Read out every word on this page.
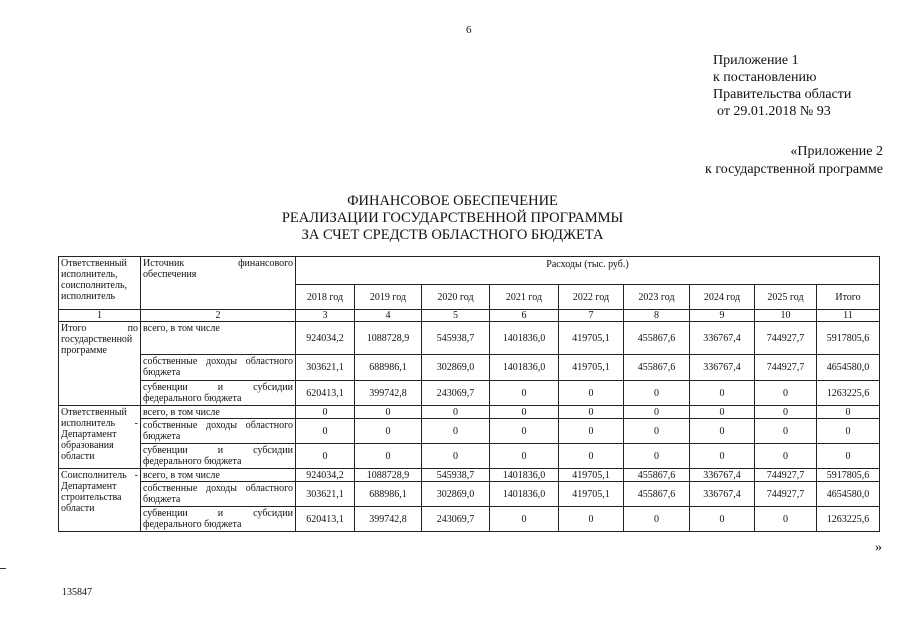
6
Приложение 1
к постановлению
Правительства области
от 29.01.2018 № 93
«Приложение 2
к государственной программе
ФИНАНСОВОЕ ОБЕСПЕЧЕНИЕ
РЕАЛИЗАЦИИ ГОСУДАРСТВЕННОЙ ПРОГРАММЫ
ЗА СЧЕТ СРЕДСТВ ОБЛАСТНОГО БЮДЖЕТА
Ответственный исполнитель, соисполнитель, исполнитель	Источник финансового обеспечения	Расходы (тыс. руб.)								
		2018 год	2019 год	2020 год	2021 год	2022 год	2023 год	2024 год	2025 год	Итого
1	2	3	4	5	6	7	8	9	10	11
Итого по государственной программе	всего, в том числе	924034,2	1088728,9	545938,7	1401836,0	419705,1	455867,6	336767,4	744927,7	5917805,6
	собственные доходы областного бюджета	303621,1	688986,1	302869,0	1401836,0	419705,1	455867,6	336767,4	744927,7	4654580,0
	субвенции и субсидии федерального бюджета	620413,1	399742,8	243069,7	0	0	0	0	0	1263225,6
Ответственный исполнитель - Департамент образования области	всего, в том числе	0	0	0	0	0	0	0	0	0
	собственные доходы областного бюджета	0	0	0	0	0	0	0	0	0
	субвенции и субсидии федерального бюджета	0	0	0	0	0	0	0	0	0
Соисполнитель - Департамент строительства области	всего, в том числе	924034,2	1088728,9	545938,7	1401836,0	419705,1	455867,6	336767,4	744927,7	5917805,6
	собственные доходы областного бюджета	303621,1	688986,1	302869,0	1401836,0	419705,1	455867,6	336767,4	744927,7	4654580,0
	субвенции и субсидии федерального бюджета	620413,1	399742,8	243069,7	0	0	0	0	0	1263225,6
»
135847
